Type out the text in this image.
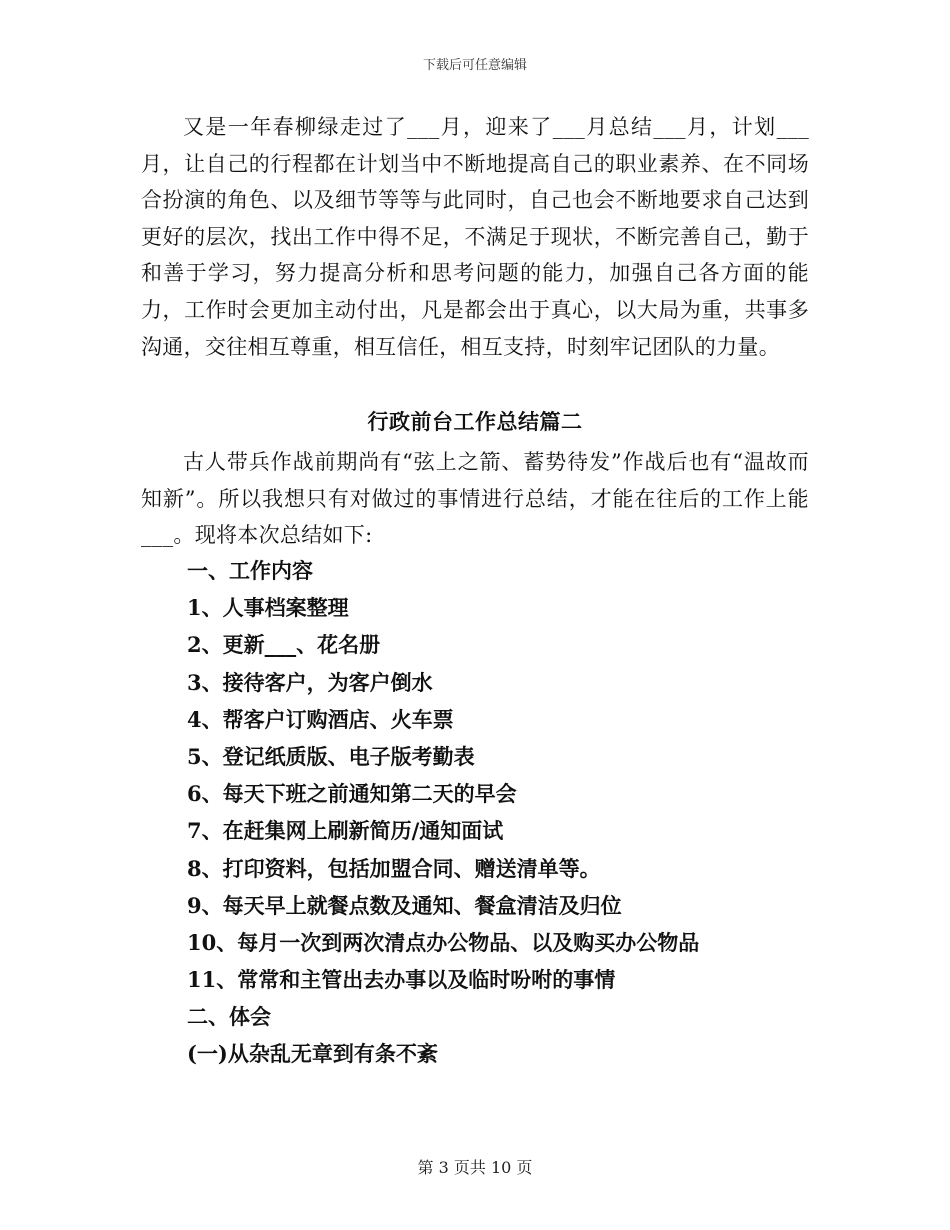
下载后可任意编辑

又是一年春柳绿走过了___月，迎来了___月总结___月，计划___月，让自己的行程都在计划当中不断地提高自己的职业素养、在不同场合扮演的角色、以及细节等等与此同时，自己也会不断地要求自己达到更好的层次，找出工作中得不足，不满足于现状，不断完善自己，勤于和善于学习，努力提高分析和思考问题的能力，加强自己各方面的能力，工作时会更加主动付出，凡是都会出于真心，以大局为重，共事多沟通，交往相互尊重，相互信任，相互支持，时刻牢记团队的力量。

行政前台工作总结篇二

古人带兵作战前期尚有“弦上之箭、蓄势待发”作战后也有“温故而知新”。所以我想只有对做过的事情进行总结，才能在往后的工作上能___。现将本次总结如下:

一、工作内容
1、人事档案整理
2、更新___、花名册
3、接待客户，为客户倒水
4、帮客户订购酒店、火车票
5、登记纸质版、电子版考勤表
6、每天下班之前通知第二天的早会
7、在赶集网上刷新简历/通知面试
8、打印资料，包括加盟合同、赠送清单等。
9、每天早上就餐点数及通知、餐盒清洁及归位
10、每月一次到两次清点办公物品、以及购买办公物品
11、常常和主管出去办事以及临时吩咐的事情
二、体会
(一)从杂乱无章到有条不紊
第 3 页共 10 页
